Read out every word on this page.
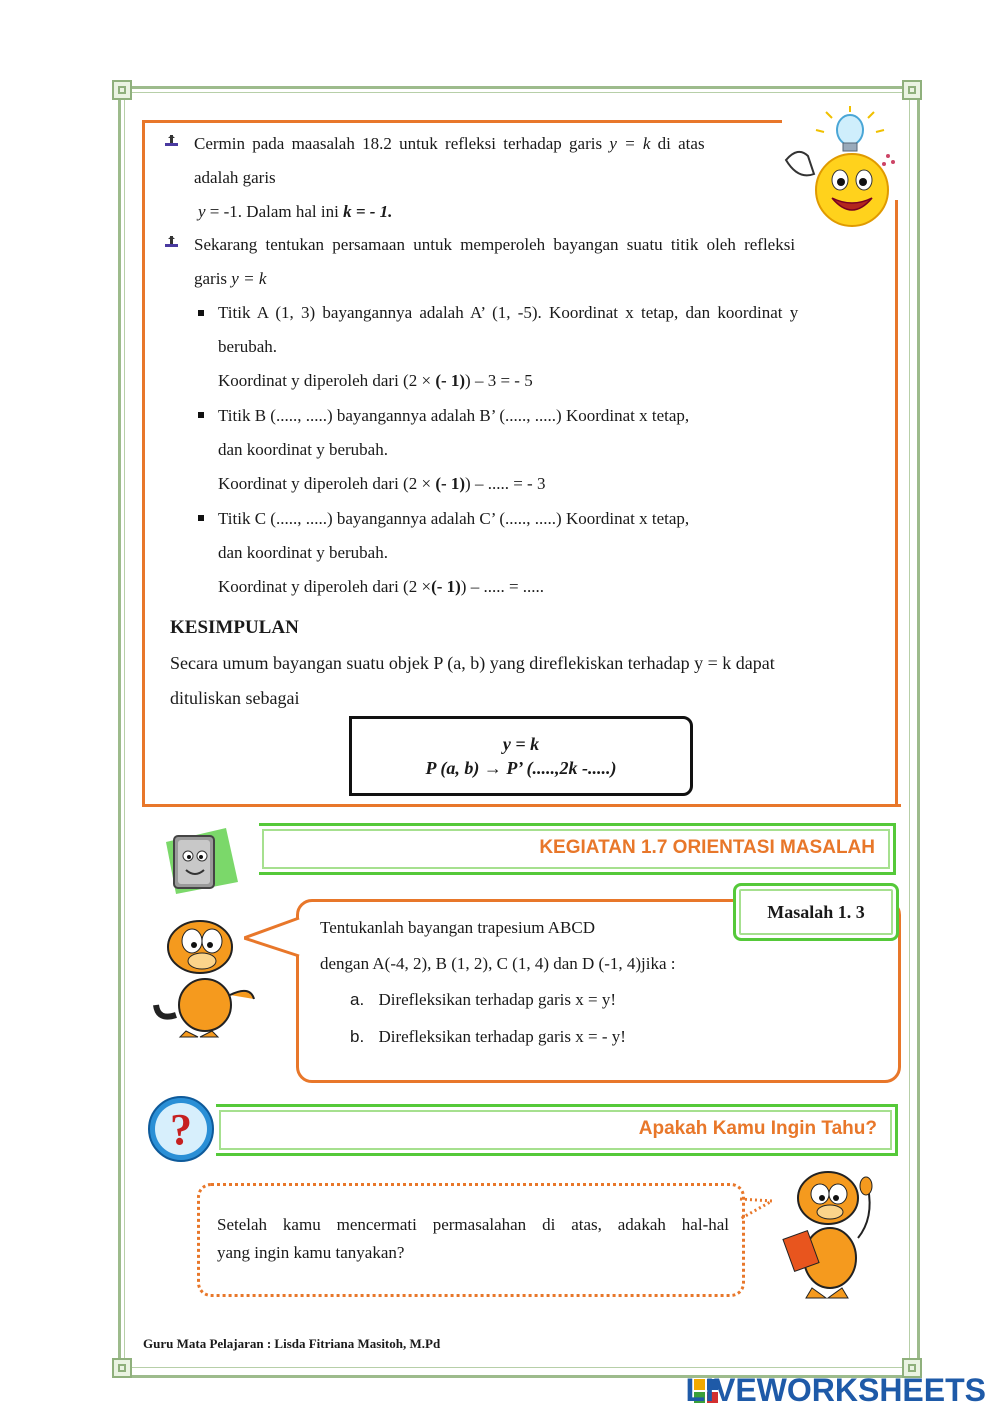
Cermin pada maasalah 18.2 untuk refleksi terhadap garis y = k di atas
adalah garis
y = -1. Dalam hal ini k = - 1.
Sekarang tentukan persamaan untuk memperoleh bayangan suatu titik oleh refleksi
garis y = k
Titik A (1, 3) bayangannya adalah A’ (1, -5). Koordinat x tetap, dan koordinat y
berubah.
Koordinat y diperoleh dari (2 × (- 1)) – 3 = - 5
Titik B (....., .....) bayangannya adalah B’ (....., .....) Koordinat x tetap,
dan koordinat y berubah.
Koordinat y diperoleh dari (2 × (- 1)) – ..... = - 3
Titik C (....., .....) bayangannya adalah C’ (....., .....) Koordinat x tetap,
dan koordinat y berubah.
Koordinat y diperoleh dari (2 ×(- 1)) – ..... = .....
KESIMPULAN
Secara umum bayangan suatu objek P (a, b) yang direflekiskan terhadap y = k dapat
dituliskan sebagai
y = k
P (a, b) → P’ (.....,2k -.....)
KEGIATAN 1.7 ORIENTASI MASALAH
Masalah 1. 3
Tentukanlah bayangan trapesium ABCD
dengan A(-4, 2), B (1, 2), C (1, 4) dan D (-1, 4)jika :
a. Direfleksikan terhadap garis x = y!
b. Direfleksikan terhadap garis x = - y!
?	Apakah Kamu Ingin Tahu?
Setelah kamu mencermati permasalahan di atas, adakah hal-hal
yang ingin kamu tanyakan?
Guru Mata Pelajaran : Lisda Fitriana Masitoh, M.Pd
LIVEWORKSHEETS
